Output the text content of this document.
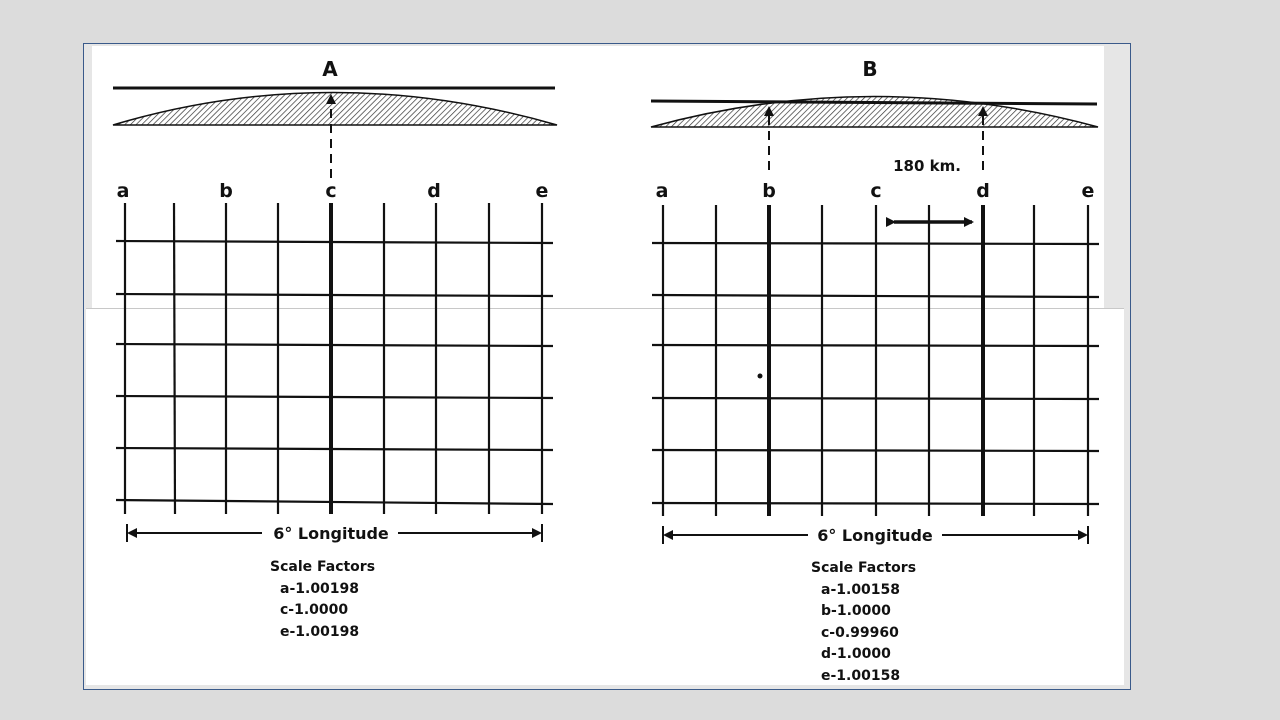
A
a	b	c	d	e
6° Longitude
Scale Factors
a-1.00198
c-1.0000
e-1.00198
B
180 km.
a	b	c	d	e
6° Longitude
Scale Factors
a-1.00158
b-1.0000
c-0.99960
d-1.0000
e-1.00158
